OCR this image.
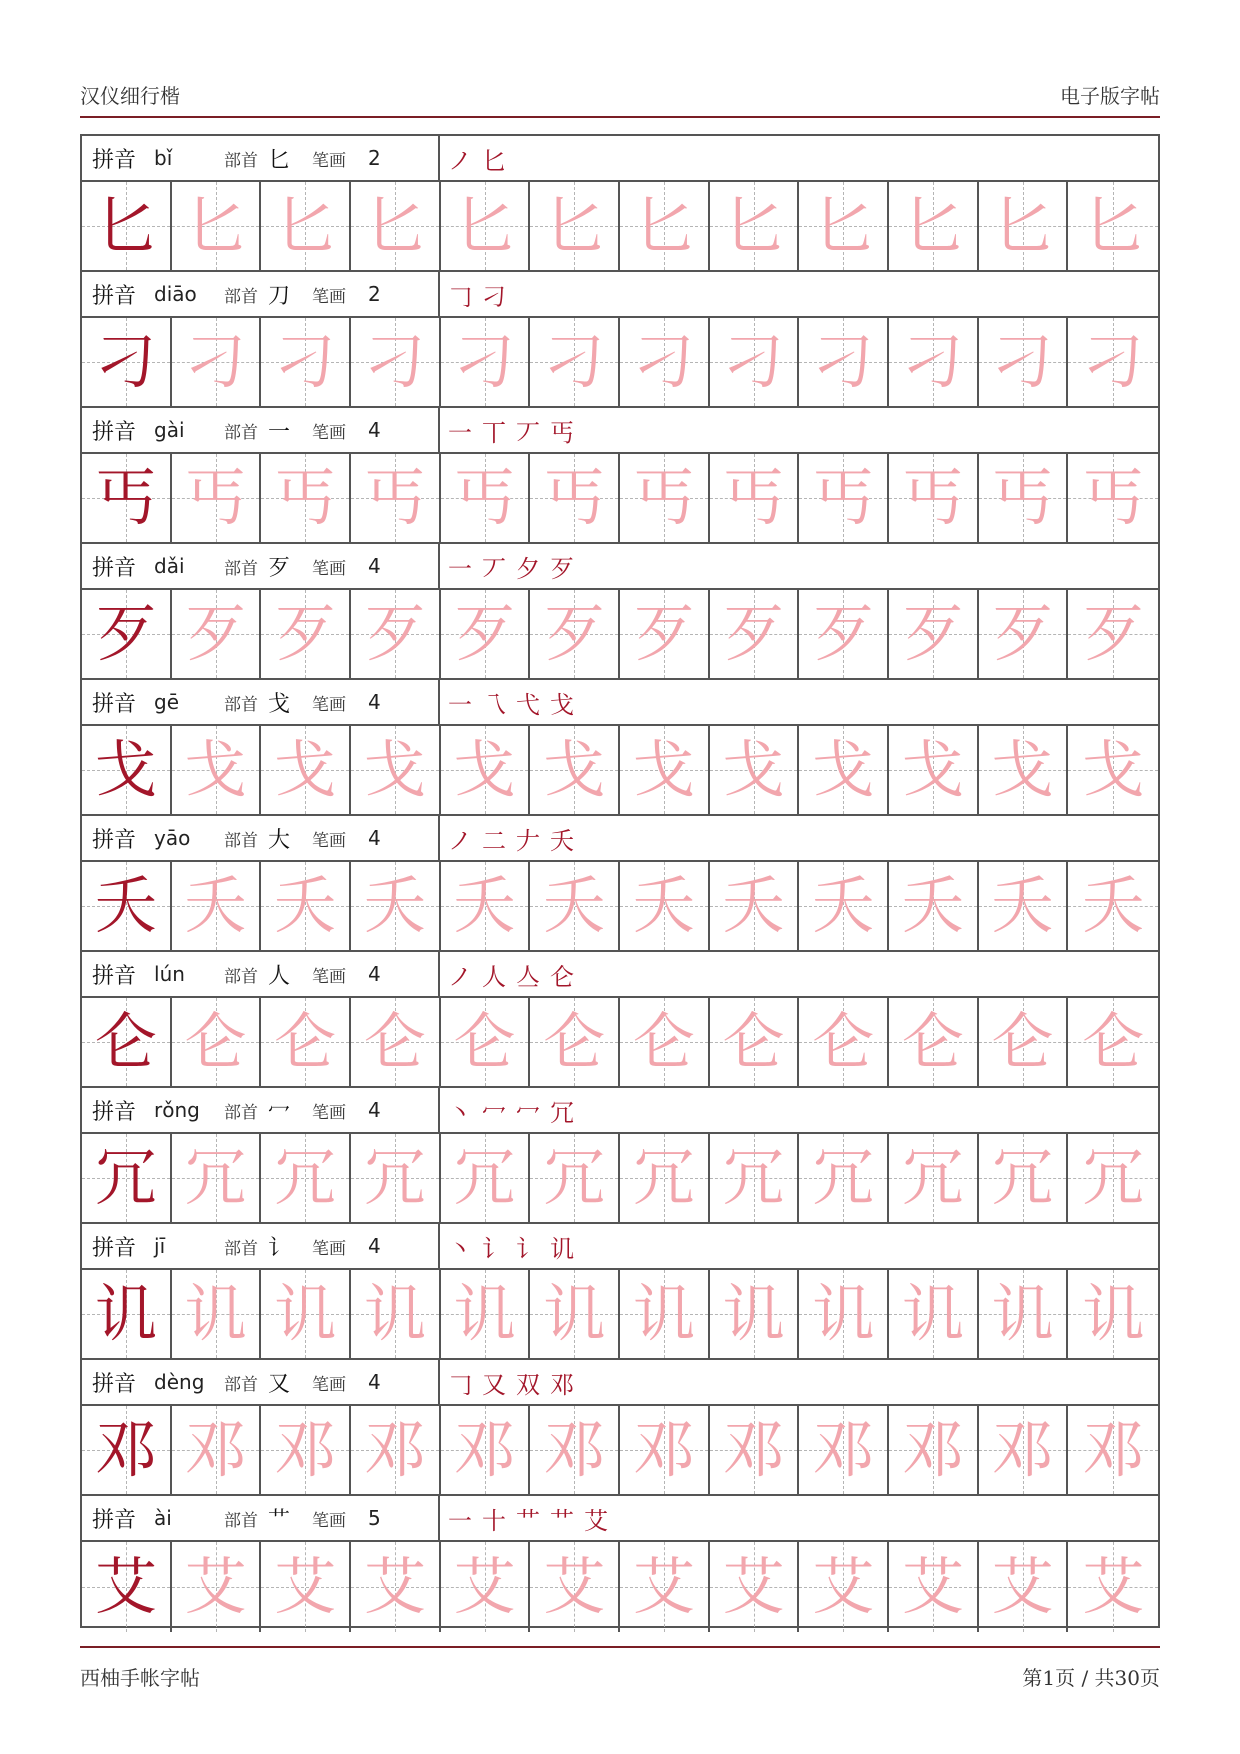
汉仪细行楷	电子版字帖
拼音 bǐ	部首 匕	笔画 2	ノ 匕
匕 匕 匕 匕 匕 匕 匕 匕 匕 匕 匕 匕
拼音 diāo	部首 刀	笔画 2	𠃌 刁
刁 刁 刁 刁 刁 刁 刁 刁 刁 刁 刁 刁
拼音 gài	部首 一	笔画 4	一 丅 丆 丐
丐 丐 丐 丐 丐 丐 丐 丐 丐 丐 丐 丐
拼音 dǎi	部首 歹	笔画 4	一 丆 夕 歹
歹 歹 歹 歹 歹 歹 歹 歹 歹 歹 歹 歹
拼音 gē	部首 戈	笔画 4	一 乁 弋 戈
戈 戈 戈 戈 戈 戈 戈 戈 戈 戈 戈 戈
拼音 yāo	部首 大	笔画 4	ノ 二 𠂇 夭
夭 夭 夭 夭 夭 夭 夭 夭 夭 夭 夭 夭
拼音 lún	部首 人	笔画 4	ノ 人 亼 仑
仑 仑 仑 仑 仑 仑 仑 仑 仑 仑 仑 仑
拼音 rǒng	部首 冖	笔画 4	丶 冖 冖 冗
冗 冗 冗 冗 冗 冗 冗 冗 冗 冗 冗 冗
拼音 jī	部首 讠	笔画 4	丶 讠 讠 讥
讥 讥 讥 讥 讥 讥 讥 讥 讥 讥 讥 讥
拼音 dèng	部首 又	笔画 4	𠃌 又 双 邓
邓 邓 邓 邓 邓 邓 邓 邓 邓 邓 邓 邓
拼音 ài	部首 艹	笔画 5	一 十 艹 艹 艾
艾 艾 艾 艾 艾 艾 艾 艾 艾 艾 艾 艾
西柚手帐字帖	第1页 / 共30页
